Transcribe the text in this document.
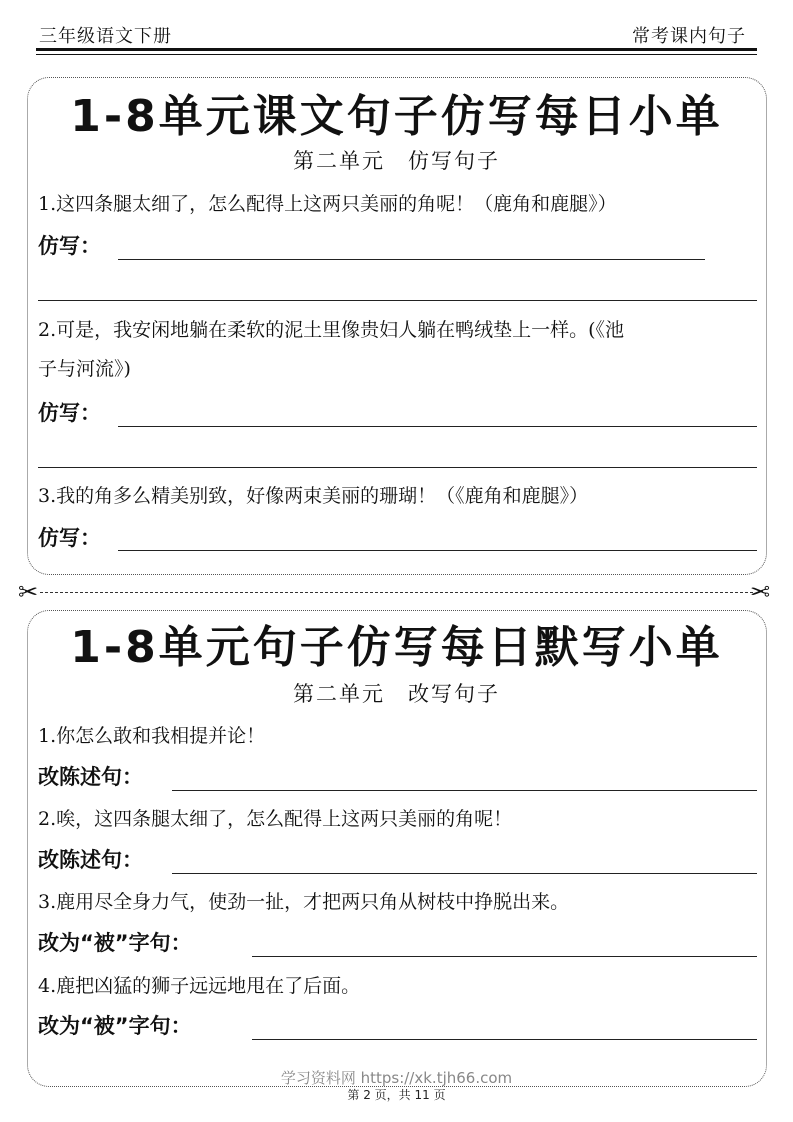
三年级语文下册	常考课内句子
1-8单元课文句子仿写每日小单
第二单元　仿写句子
1.这四条腿太细了，怎么配得上这两只美丽的角呢！（鹿角和鹿腿》）
仿写：
2.可是，我安闲地躺在柔软的泥土里像贵妇人躺在鸭绒垫上一样。(《池
子与河流》)
仿写：
3.我的角多么精美别致，好像两束美丽的珊瑚！（《鹿角和鹿腿》）
仿写：
✂	✂
1-8单元句子仿写每日默写小单
第二单元　改写句子
1.你怎么敢和我相提并论！
改陈述句：
2.唉，这四条腿太细了，怎么配得上这两只美丽的角呢！
改陈述句：
3.鹿用尽全身力气，使劲一扯，才把两只角从树枝中挣脱出来。
改为“被”字句：
4.鹿把凶猛的狮子远远地甩在了后面。
改为“被”字句：
学习资料网 https://xk.tjh66.com
第 2 页，共 11 页
